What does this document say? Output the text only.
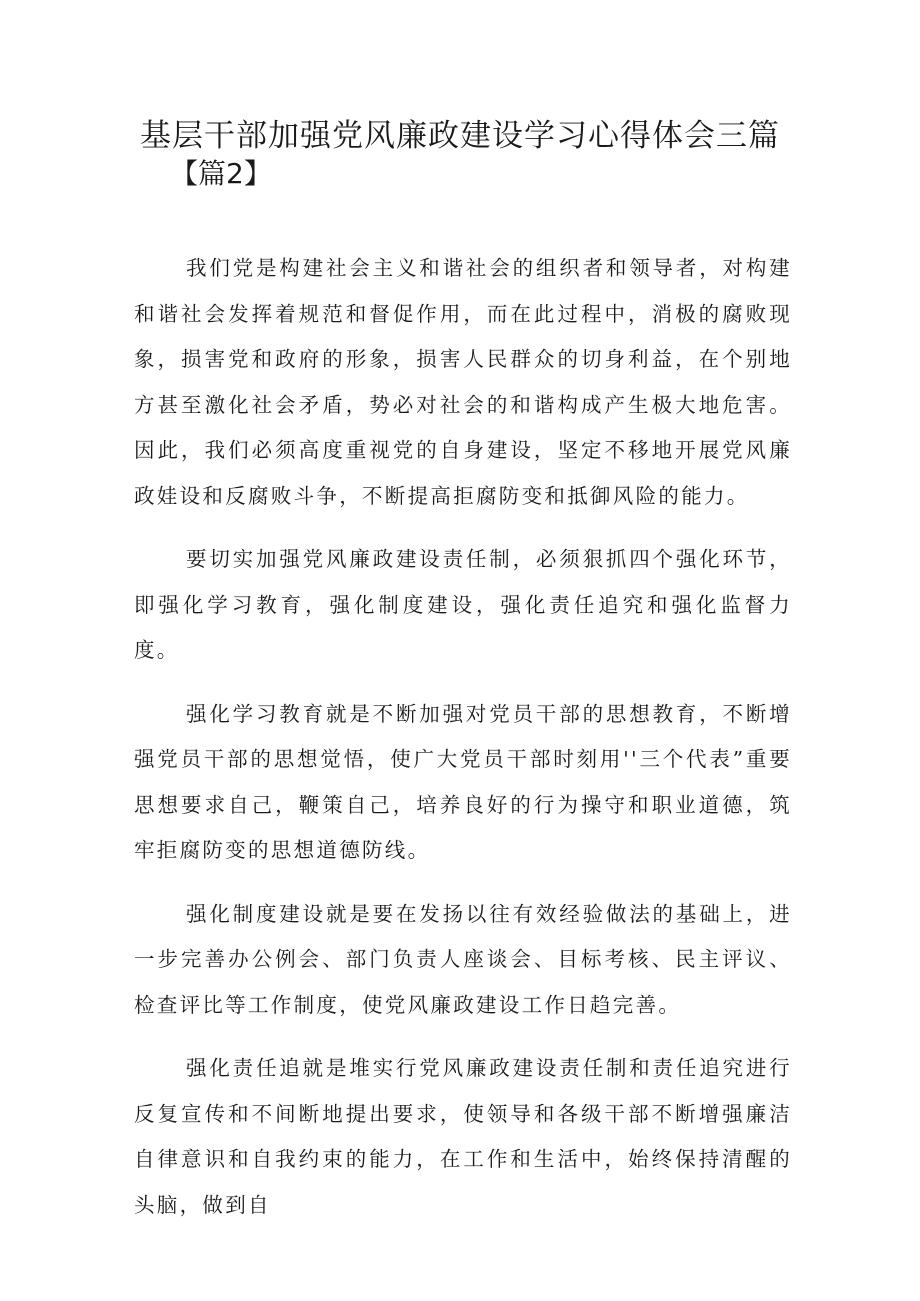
基层干部加强党风廉政建设学习心得体会三篇
【篇2】

我们党是构建社会主义和谐社会的组织者和领导者，对构建和谐社会发挥着规范和督促作用，而在此过程中，消极的腐败现象，损害党和政府的形象，损害人民群众的切身利益，在个别地方甚至激化社会矛盾，势必对社会的和谐构成产生极大地危害。因此，我们必须高度重视党的自身建设，坚定不移地开展党风廉政娃设和反腐败斗争，不断提高拒腐防变和抵御风险的能力。

要切实加强党风廉政建设责任制，必须狠抓四个强化环节，即强化学习教育，强化制度建设，强化责任追究和强化监督力度。

强化学习教育就是不断加强对党员干部的思想教育，不断增强党员干部的思想觉悟，使广大党员干部时刻用''三个代表”重要思想要求自己，鞭策自己，培养良好的行为操守和职业道德，筑牢拒腐防变的思想道德防线。

强化制度建设就是要在发扬以往有效经验做法的基础上，进一步完善办公例会、部门负责人座谈会、目标考核、民主评议、检查评比等工作制度，使党风廉政建设工作日趋完善。

强化责任追就是堆实行党风廉政建设责任制和责任追究进行反复宣传和不间断地提出要求，使领导和各级干部不断增强廉洁自律意识和自我约束的能力，在工作和生活中，始终保持清醒的头脑，做到自
